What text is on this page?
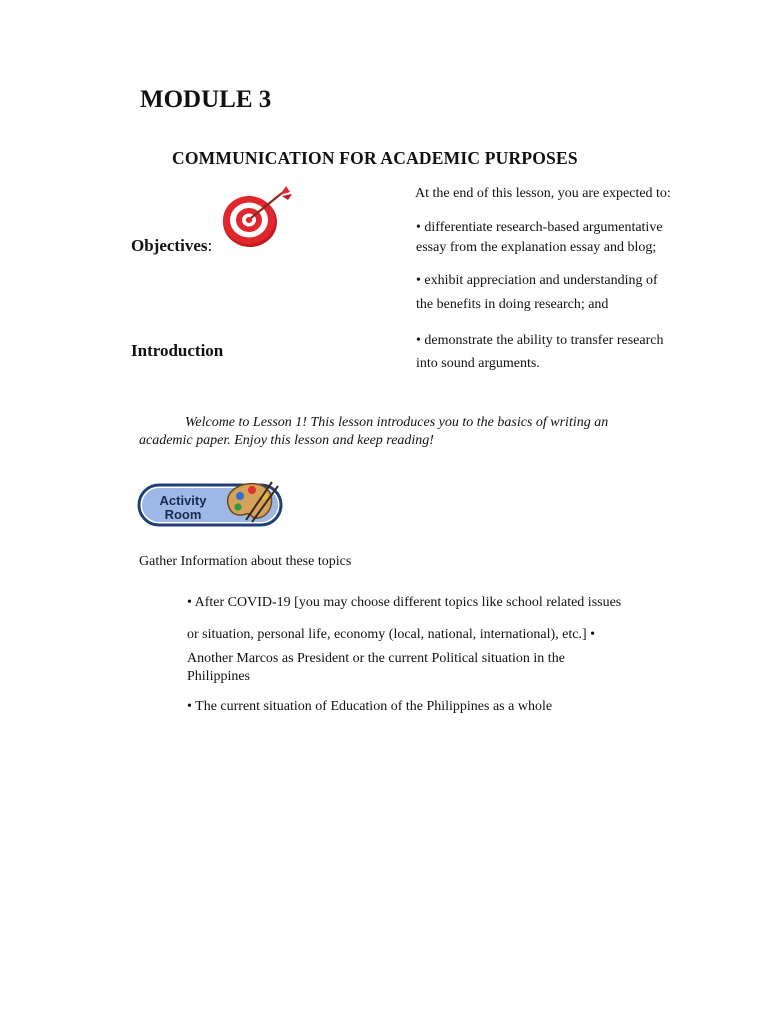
MODULE 3
COMMUNICATION FOR ACADEMIC PURPOSES
Objectives:
At the end of this lesson, you are expected to:
• differentiate research-based argumentative
essay from the explanation essay and blog;
• exhibit appreciation and understanding of
the benefits in doing research; and
• demonstrate the ability to transfer research
into sound arguments.
Introduction
Welcome to Lesson 1! This lesson introduces you to the basics of writing an
academic paper. Enjoy this lesson and keep reading!
Activity
Room
Gather Information about these topics
• After COVID-19 [you may choose different topics like school related issues
or situation, personal life, economy (local, national, international), etc.] •
Another Marcos as President or the current Political situation in the
Philippines
• The current situation of Education of the Philippines as a whole
